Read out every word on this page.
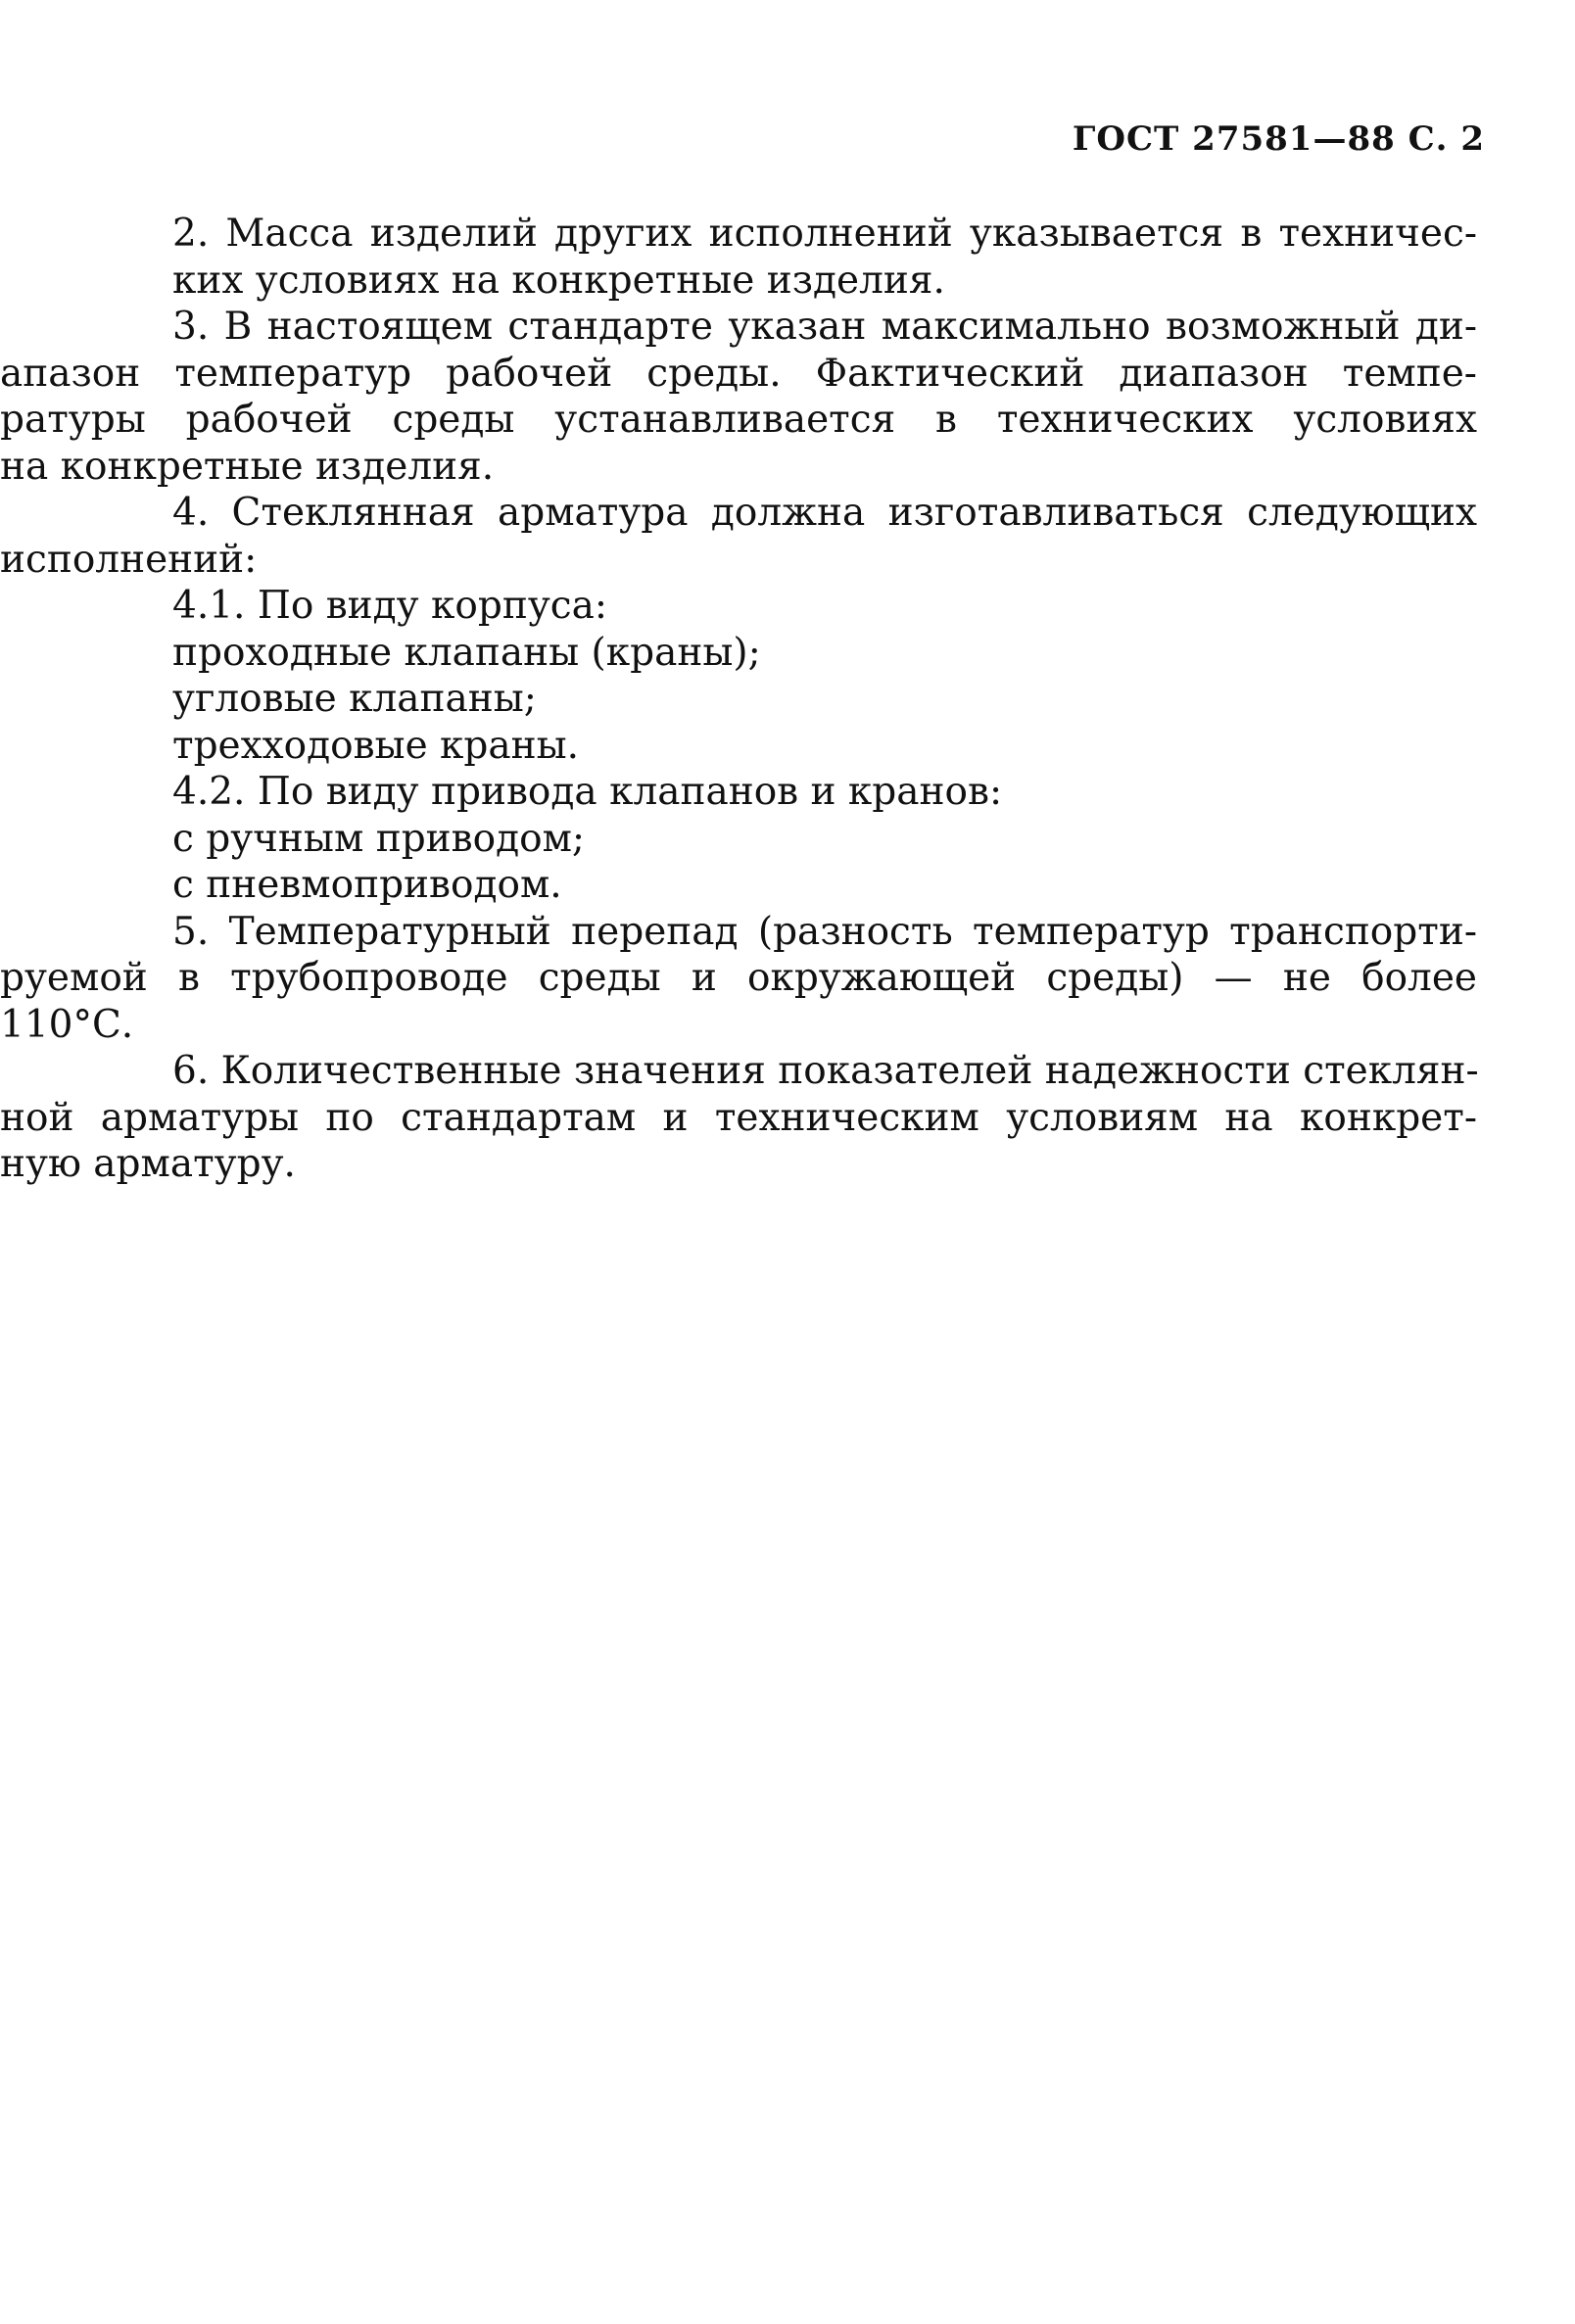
ГОСТ 27581—88 С. 2
2. Масса изделий других исполнений указывается в техничес-
ких условиях на конкретные изделия.
3. В настоящем стандарте указан максимально возможный ди-
апазон температур рабочей среды. Фактический диапазон темпе-
ратуры рабочей среды устанавливается в технических условиях
на конкретные изделия.
4. Стеклянная арматура должна изготавливаться следующих
исполнений:
4.1. По виду корпуса:
проходные клапаны (краны);
угловые клапаны;
трехходовые краны.
4.2. По виду привода клапанов и кранов:
с ручным приводом;
с пневмоприводом.
5. Температурный перепад (разность температур транспорти-
руемой в трубопроводе среды и окружающей среды) — не более
110°С.
6. Количественные значения показателей надежности стеклян-
ной арматуры по стандартам и техническим условиям на конкрет-
ную арматуру.
